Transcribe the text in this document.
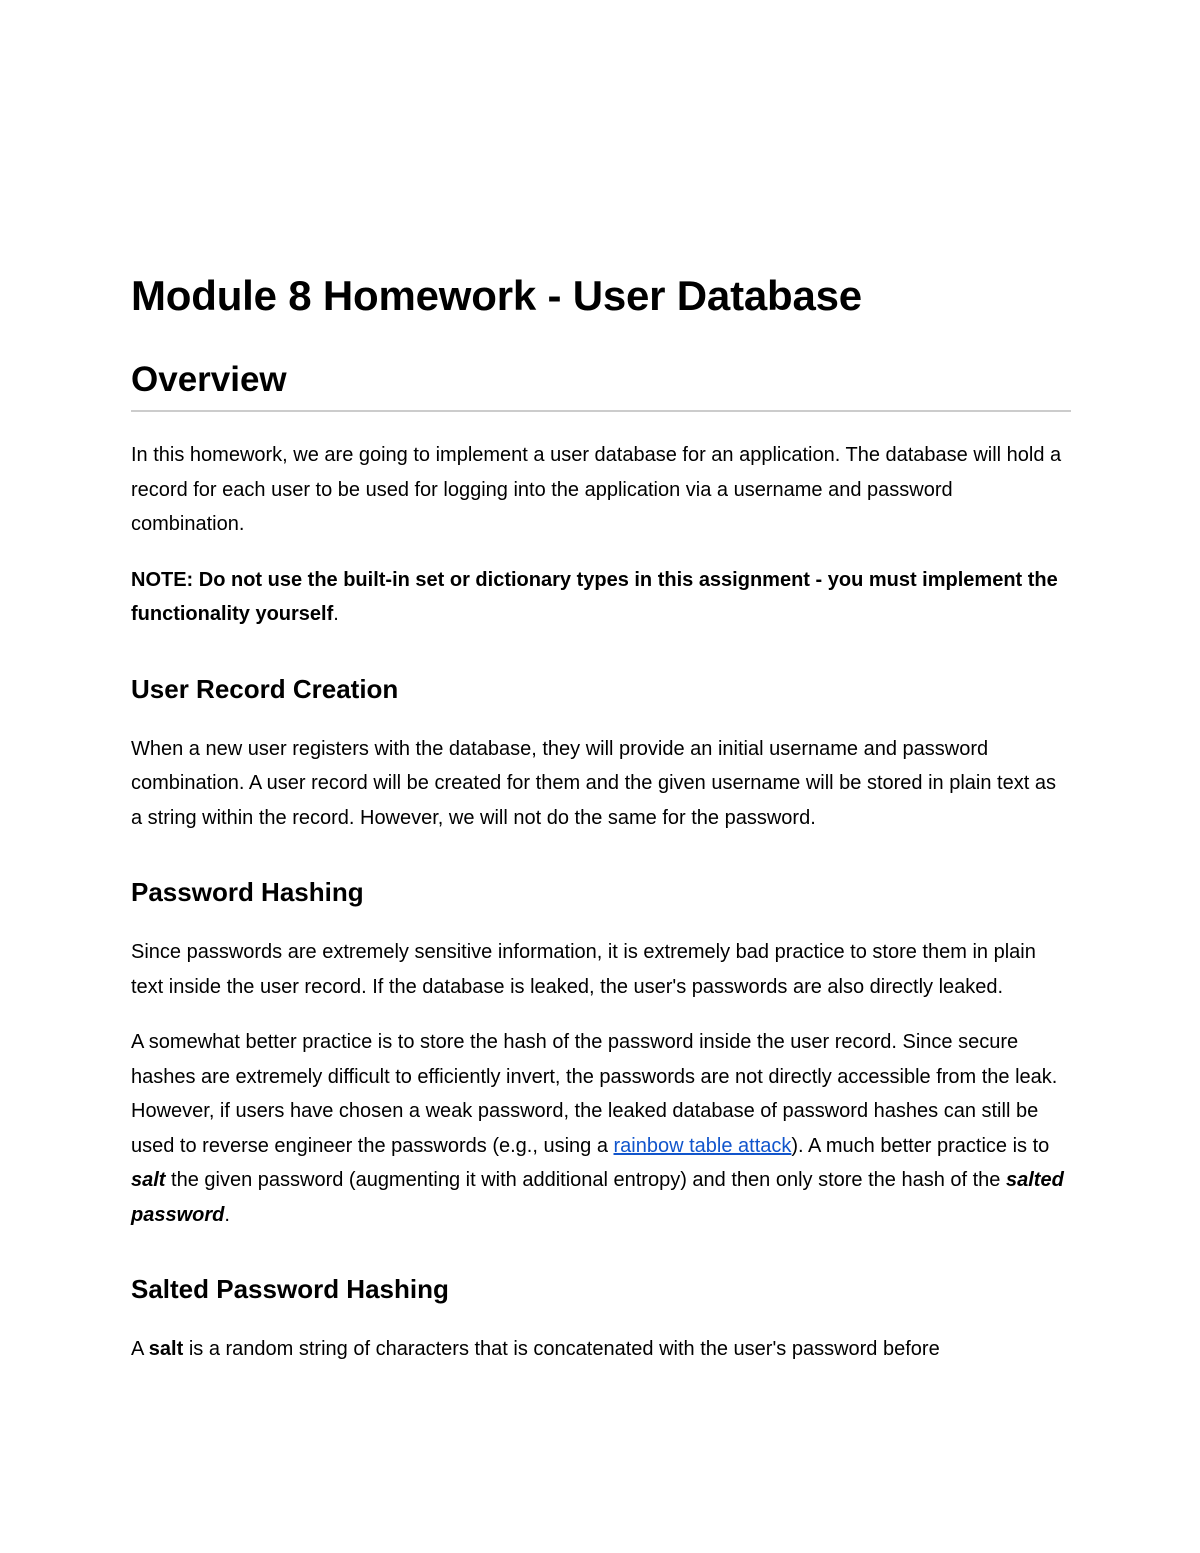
Module 8 Homework - User Database
Overview

In this homework, we are going to implement a user database for an application. The database will hold a record for each user to be used for logging into the application via a username and password combination.

NOTE: Do not use the built-in set or dictionary types in this assignment - you must implement the functionality yourself.

User Record Creation

When a new user registers with the database, they will provide an initial username and password combination. A user record will be created for them and the given username will be stored in plain text as a string within the record. However, we will not do the same for the password.

Password Hashing

Since passwords are extremely sensitive information, it is extremely bad practice to store them in plain text inside the user record. If the database is leaked, the user's passwords are also directly leaked.

A somewhat better practice is to store the hash of the password inside the user record. Since secure hashes are extremely difficult to efficiently invert, the passwords are not directly accessible from the leak. However, if users have chosen a weak password, the leaked database of password hashes can still be used to reverse engineer the passwords (e.g., using a rainbow table attack). A much better practice is to salt the given password (augmenting it with additional entropy) and then only store the hash of the salted password.

Salted Password Hashing

A salt is a random string of characters that is concatenated with the user's password before
